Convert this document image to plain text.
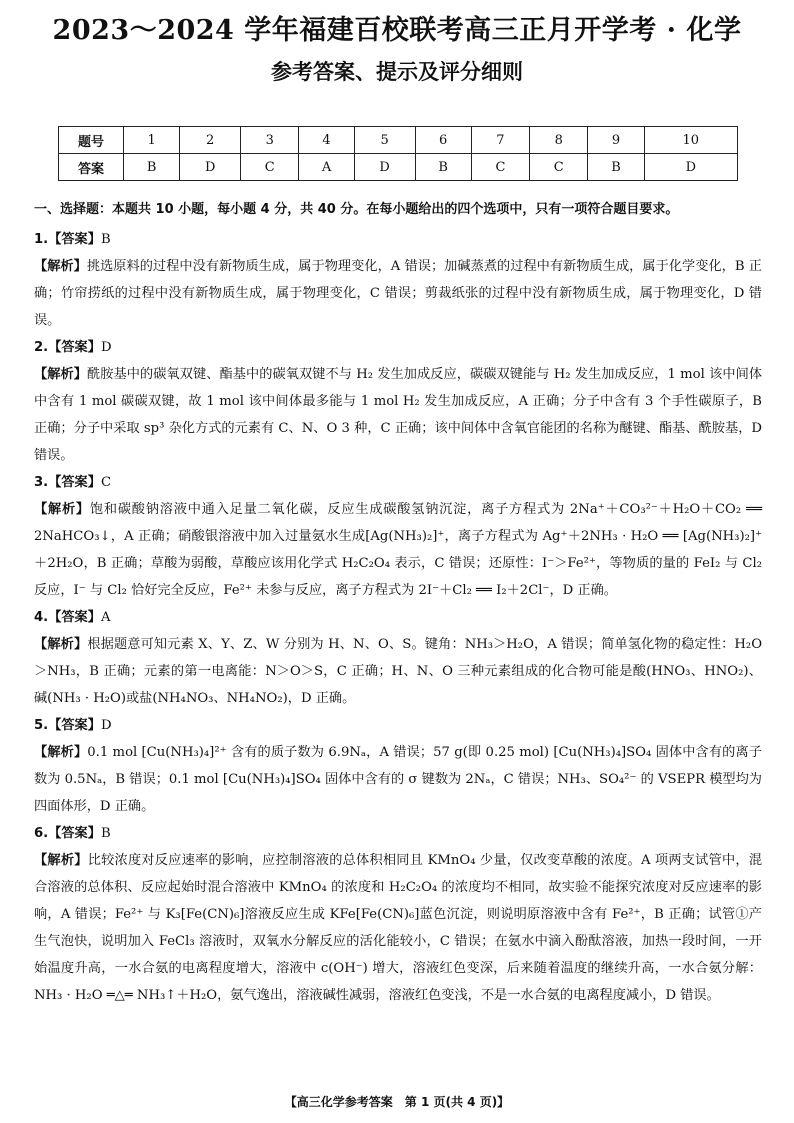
2023～2024 学年福建百校联考高三正月开学考 · 化学
参考答案、提示及评分细则
题号	1	2	3	4	5	6	7	8	9	10
答案	B	D	C	A	D	B	C	C	B	D
一、选择题：本题共 10 小题，每小题 4 分，共 40 分。在每小题给出的四个选项中，只有一项符合题目要求。
1.【答案】B
【解析】挑选原料的过程中没有新物质生成，属于物理变化，A 错误；加碱蒸煮的过程中有新物质生成，属于化学变化，B 正确；竹帘捞纸的过程中没有新物质生成，属于物理变化，C 错误；剪裁纸张的过程中没有新物质生成，属于物理变化，D 错误。
2.【答案】D
【解析】酰胺基中的碳氧双键、酯基中的碳氧双键不与 H₂ 发生加成反应，碳碳双键能与 H₂ 发生加成反应，1 mol 该中间体中含有 1 mol 碳碳双键，故 1 mol 该中间体最多能与 1 mol H₂ 发生加成反应，A 正确；分子中含有 3 个手性碳原子，B 正确；分子中采取 sp³ 杂化方式的元素有 C、N、O 3 种，C 正确；该中间体中含氧官能团的名称为醚键、酯基、酰胺基，D 错误。
3.【答案】C
【解析】饱和碳酸钠溶液中通入足量二氧化碳，反应生成碳酸氢钠沉淀，离子方程式为 2Na⁺＋CO₃²⁻＋H₂O＋CO₂ ══ 2NaHCO₃↓，A 正确；硝酸银溶液中加入过量氨水生成[Ag(NH₃)₂]⁺，离子方程式为 Ag⁺＋2NH₃ · H₂O ══ [Ag(NH₃)₂]⁺＋2H₂O，B 正确；草酸为弱酸，草酸应该用化学式 H₂C₂O₄ 表示，C 错误；还原性：I⁻＞Fe²⁺，等物质的量的 FeI₂ 与 Cl₂ 反应，I⁻ 与 Cl₂ 恰好完全反应，Fe²⁺ 未参与反应，离子方程式为 2I⁻＋Cl₂ ══ I₂＋2Cl⁻，D 正确。
4.【答案】A
【解析】根据题意可知元素 X、Y、Z、W 分别为 H、N、O、S。键角：NH₃＞H₂O，A 错误；简单氢化物的稳定性：H₂O＞NH₃，B 正确；元素的第一电离能：N＞O＞S，C 正确；H、N、O 三种元素组成的化合物可能是酸(HNO₃、HNO₂)、碱(NH₃ · H₂O)或盐(NH₄NO₃、NH₄NO₂)，D 正确。
5.【答案】D
【解析】0.1 mol [Cu(NH₃)₄]²⁺ 含有的质子数为 6.9Nₐ，A 错误；57 g(即 0.25 mol) [Cu(NH₃)₄]SO₄ 固体中含有的离子数为 0.5Nₐ，B 错误；0.1 mol [Cu(NH₃)₄]SO₄ 固体中含有的 σ 键数为 2Nₐ，C 错误；NH₃、SO₄²⁻ 的 VSEPR 模型均为四面体形，D 正确。
6.【答案】B
【解析】比较浓度对反应速率的影响，应控制溶液的总体积相同且 KMnO₄ 少量，仅改变草酸的浓度。A 项两支试管中，混合溶液的总体积、反应起始时混合溶液中 KMnO₄ 的浓度和 H₂C₂O₄ 的浓度均不相同，故实验不能探究浓度对反应速率的影响，A 错误；Fe²⁺ 与 K₃[Fe(CN)₆]溶液反应生成 KFe[Fe(CN)₆]蓝色沉淀，则说明原溶液中含有 Fe²⁺，B 正确；试管①产生气泡快，说明加入 FeCl₃ 溶液时，双氧水分解反应的活化能较小，C 错误；在氨水中滴入酚酞溶液，加热一段时间，一开始温度升高，一水合氨的电离程度增大，溶液中 c(OH⁻) 增大，溶液红色变深，后来随着温度的继续升高，一水合氨分解：NH₃ · H₂O ═△═ NH₃↑＋H₂O，氨气逸出，溶液碱性减弱，溶液红色变浅，不是一水合氨的电离程度减小，D 错误。
【高三化学参考答案　第 1 页(共 4 页)】
